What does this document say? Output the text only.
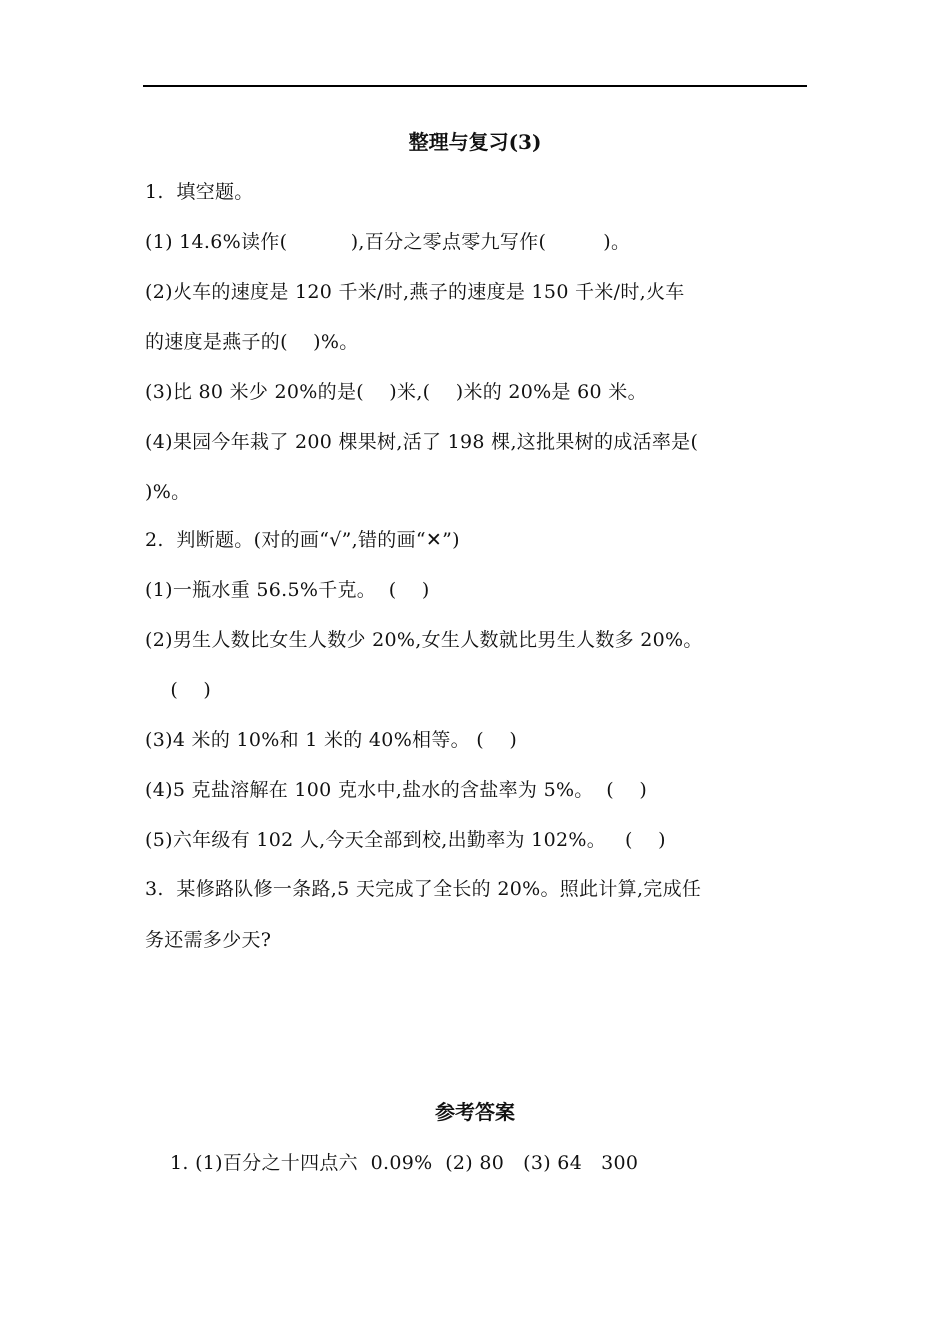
整理与复习(3)
1.  填空题。
(1) 14.6%读作(          ),百分之零点零九写作(         )。
(2)火车的速度是 120 千米/时,燕子的速度是 150 千米/时,火车
的速度是燕子的(    )%。
(3)比 80 米少 20%的是(    )米,(    )米的 20%是 60 米。
(4)果园今年栽了 200 棵果树,活了 198 棵,这批果树的成活率是(
)%。
2.  判断题。(对的画“√”,错的画“✕”)
(1)一瓶水重 56.5%千克。  (    )
(2)男生人数比女生人数少 20%,女生人数就比男生人数多 20%。
(    )
(3)4 米的 10%和 1 米的 40%相等。 (    )
(4)5 克盐溶解在 100 克水中,盐水的含盐率为 5%。  (    )
(5)六年级有 102 人,今天全部到校,出勤率为 102%。   (    )
3.  某修路队修一条路,5 天完成了全长的 20%。照此计算,完成任
务还需多少天?
参考答案
1. (1)百分之十四点六  0.09%  (2) 80   (3) 64   300
